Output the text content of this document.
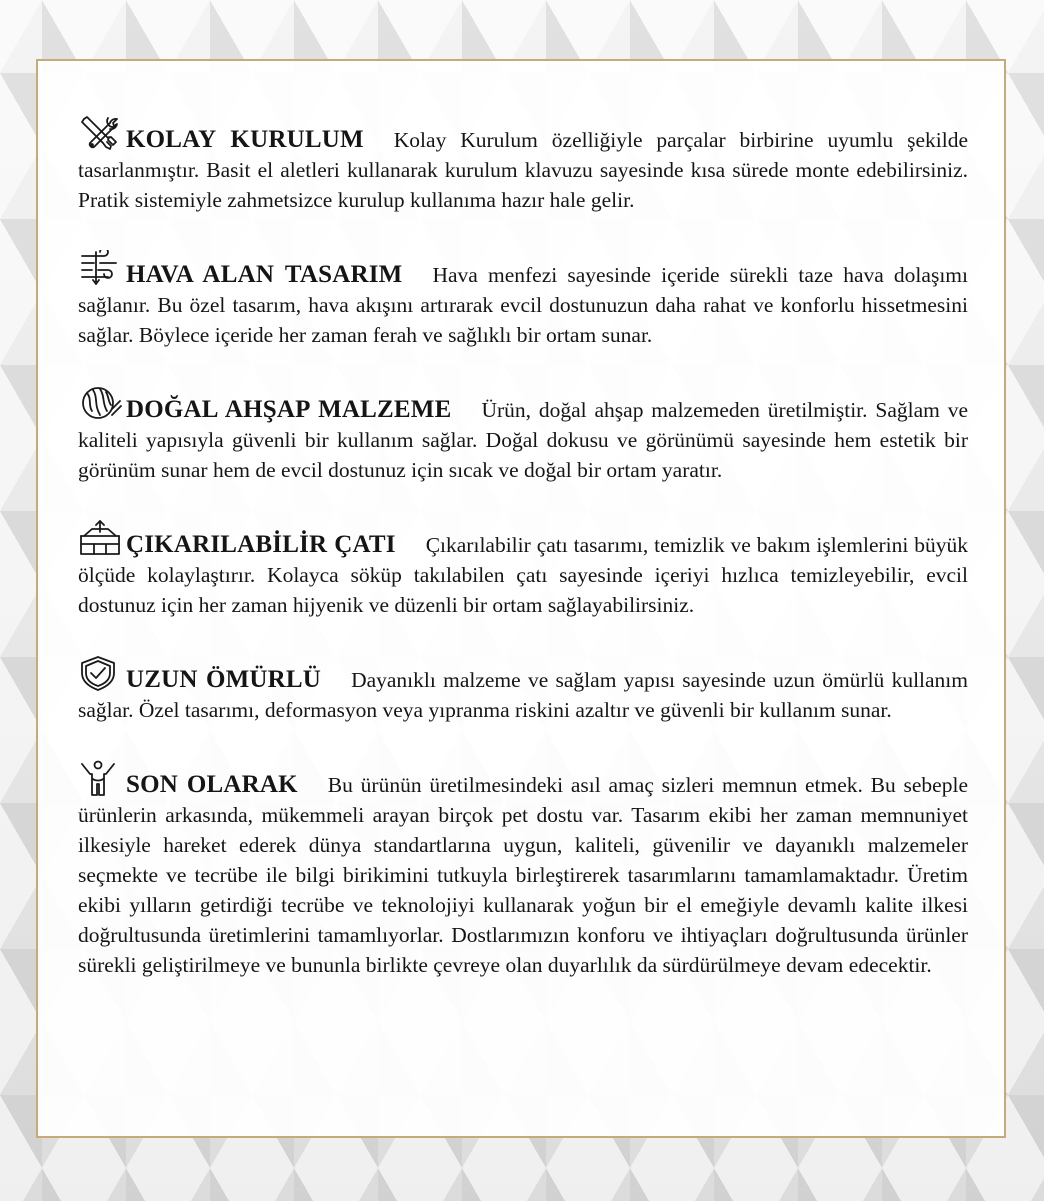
KOLAY KURULUM Kolay Kurulum özelliğiyle parçalar birbirine uyumlu şekilde tasarlanmıştır. Basit el aletleri kullanarak kurulum klavuzu sayesinde kısa sürede monte edebilirsiniz. Pratik sistemiyle zahmetsizce kurulup kullanıma hazır hale gelir.
HAVA ALAN TASARIM Hava menfezi sayesinde içeride sürekli taze hava dolaşımı sağlanır. Bu özel tasarım, hava akışını artırarak evcil dostunuzun daha rahat ve konforlu hissetmesini sağlar. Böylece içeride her zaman ferah ve sağlıklı bir ortam sunar.
DOĞAL AHŞAP MALZEME Ürün, doğal ahşap malzemeden üretilmiştir. Sağlam ve kaliteli yapısıyla güvenli bir kullanım sağlar. Doğal dokusu ve görünümü sayesinde hem estetik bir görünüm sunar hem de evcil dostunuz için sıcak ve doğal bir ortam yaratır.
ÇIKARILABİLİR ÇATI Çıkarılabilir çatı tasarımı, temizlik ve bakım işlemlerini büyük ölçüde kolaylaştırır. Kolayca söküp takılabilen çatı sayesinde içeriyi hızlıca temizleyebilir, evcil dostunuz için her zaman hijyenik ve düzenli bir ortam sağlayabilirsiniz.
UZUN ÖMÜRLÜ Dayanıklı malzeme ve sağlam yapısı sayesinde uzun ömürlü kullanım sağlar. Özel tasarımı, deformasyon veya yıpranma riskini azaltır ve güvenli bir kullanım sunar.
SON OLARAK Bu ürünün üretilmesindeki asıl amaç sizleri memnun etmek. Bu sebeple ürünlerin arkasında, mükemmeli arayan birçok pet dostu var. Tasarım ekibi her zaman memnuniyet ilkesiyle hareket ederek dünya standartlarına uygun, kaliteli, güvenilir ve dayanıklı malzemeler seçmekte ve tecrübe ile bilgi birikimini tutkuyla birleştirerek tasarımlarını tamamlamaktadır. Üretim ekibi yılların getirdiği tecrübe ve teknolojiyi kullanarak yoğun bir el emeğiyle devamlı kalite ilkesi doğrultusunda üretimlerini tamamlıyorlar. Dostlarımızın konforu ve ihtiyaçları doğrultusunda ürünler sürekli geliştirilmeye ve bununla birlikte çevreye olan duyarlılık da sürdürülmeye devam edecektir.
